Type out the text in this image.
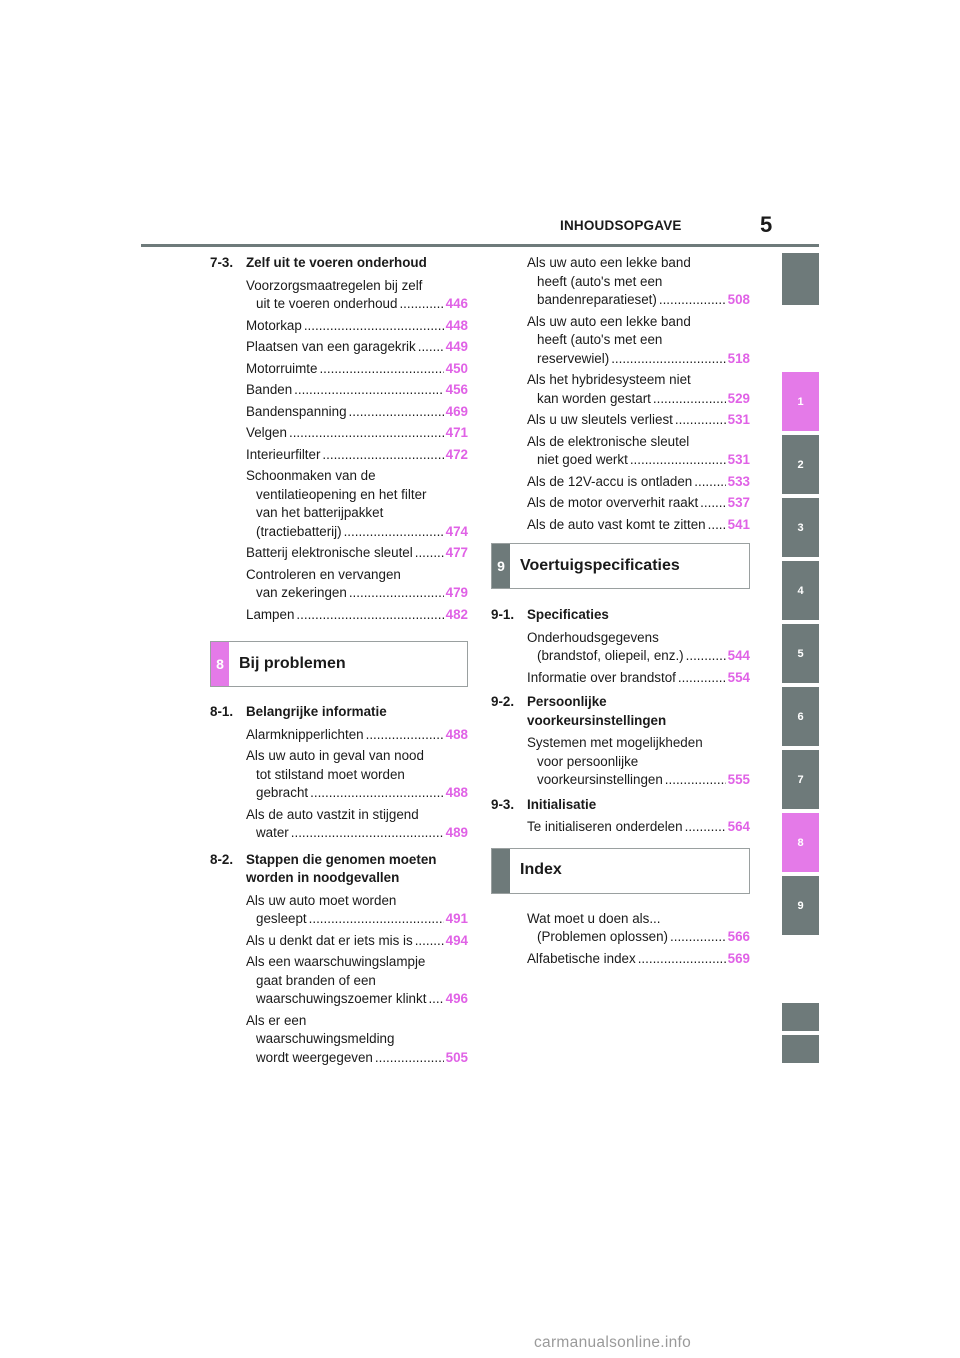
INHOUDSOPGAVE	5
1
2
3
4
5
6
7
8
9
7-3. Zelf uit te voeren onderhoud
Voorzorgsmaatregelen bij zelf
uit te voeren onderhoud .....	446
Motorkap .....	448
Plaatsen van een garagekrik ..... 449
Motorruimte .....	450
Banden .....	456
Bandenspanning .....	469
Velgen .....	471
Interieurfilter .....	472
Schoonmaken van de
ventilatieopening en het filter
van het batterijpakket
(tractiebatterij) .....	474
Batterij elektronische sleutel ..... 477
Controleren en vervangen
van zekeringen .....	479
Lampen .....	482
8 Bij problemen
8-1. Belangrijke informatie
Alarmknipperlichten .....	488
Als uw auto in geval van nood
tot stilstand moet worden
gebracht .....	488
Als de auto vastzit in stijgend
water .....	489
8-2. Stappen die genomen moeten
worden in noodgevallen
Als uw auto moet worden
gesleept .....	491
Als u denkt dat er iets mis is ..... 494
Als een waarschuwingslampje
gaat branden of een
waarschuwingszoemer klinkt ..... 496
Als er een
waarschuwingsmelding
wordt weergegeven .....	505
Als uw auto een lekke band
heeft (auto's met een
bandenreparatieset) .....	508
Als uw auto een lekke band
heeft (auto's met een
reservewiel) .....	518
Als het hybridesysteem niet
kan worden gestart .....	529
Als u uw sleutels verliest .....	531
Als de elektronische sleutel
niet goed werkt .....	531
Als de 12V-accu is ontladen .....	533
Als de motor oververhit raakt ..... 537
Als de auto vast komt te zitten ..... 541
9 Voertuigspecificaties
9-1. Specificaties
Onderhoudsgegevens
(brandstof, oliepeil, enz.) .....	544
Informatie over brandstof .....	554
9-2. Persoonlijke
voorkeursinstellingen
Systemen met mogelijkheden
voor persoonlijke
voorkeursinstellingen .....	555
9-3. Initialisatie
Te initialiseren onderdelen .....	564
Index
Wat moet u doen als...
(Problemen oplossen) .....	566
Alfabetische index .....	569
carmanualsonline.info
